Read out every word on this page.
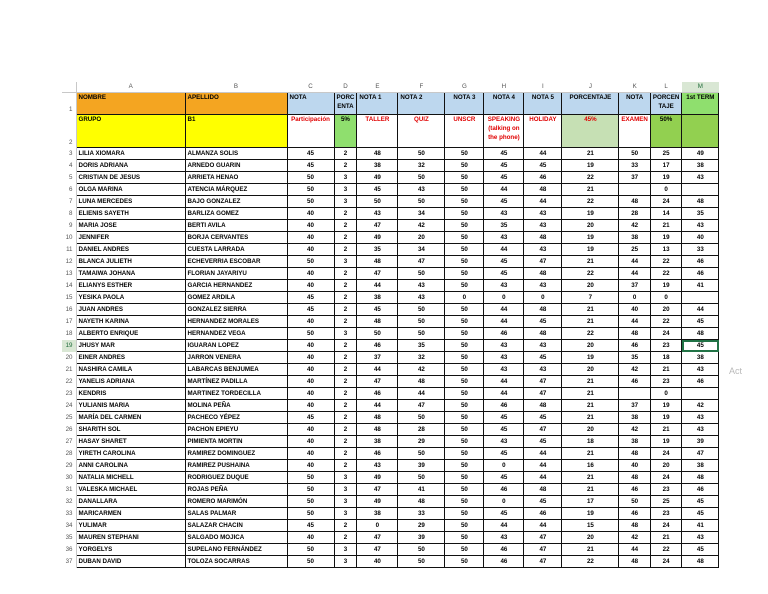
	A	B	C	D	E	F	G	H	I	J	K	L	M
1	NOMBRE	APELLIDO	NOTA	PORC ENTA	NOTA 1	NOTA 2	NOTA 3	NOTA 4	NOTA 5	PORCENTAJE	NOTA	PORCEN TAJE	1st TERM
2	GRUPO	B1	Participación	5%	TALLER	QUIZ	UNSCR	SPEAKING (talking on the phone)	HOLIDAY	45%	EXAMEN	50%	
3	LILIA XIOMARA	ALMANZA SOLIS	45	2	48	50	50	45	44	21	50	25	49
4	DORIS ADRIANA	ARNEDO GUARIN	45	2	38	32	50	45	45	19	33	17	38
5	CRISTIAN DE JESUS	ARRIETA HENAO	50	3	49	50	50	45	46	22	37	19	43
6	OLGA MARINA	ATENCIA MÁRQUEZ	50	3	45	43	50	44	48	21		0	
7	LUNA MERCEDES	BAJO GONZALEZ	50	3	50	50	50	45	44	22	48	24	48
8	ELIENIS SAYETH	BARLIZA GOMEZ	40	2	43	34	50	43	43	19	28	14	35
9	MARIA JOSE	BERTI AVILA	40	2	47	42	50	35	43	20	42	21	43
10	JENNIFER	BORJA CERVANTES	40	2	49	20	50	43	48	19	38	19	40
11	DANIEL ANDRES	CUESTA LARRADA	40	2	35	34	50	44	43	19	25	13	33
12	BLANCA JULIETH	ECHEVERRIA ESCOBAR	50	3	48	47	50	45	47	21	44	22	46
13	TAMAIWA JOHANA	FLORIAN JAYARIYU	40	2	47	50	50	45	48	22	44	22	46
14	ELIANYS ESTHER	GARCIA HERNANDEZ	40	2	44	43	50	43	43	20	37	19	41
15	YESIKA PAOLA	GOMEZ ARDILA	45	2	38	43	0	0	0	7	0	0	
16	JUAN ANDRES	GONZALEZ SIERRA	45	2	45	50	50	44	48	21	40	20	44
17	NAYETH KARINA	HERNANDEZ MORALES	40	2	48	50	50	44	45	21	44	22	45
18	ALBERTO ENRIQUE	HERNANDEZ VEGA	50	3	50	50	50	46	48	22	48	24	48
19	JHUSY MAR	IGUARAN LOPEZ	40	2	46	35	50	43	43	20	46	23	45
20	EINER ANDRES	JARRON VENERA	40	2	37	32	50	43	45	19	35	18	38
21	NASHIRA CAMILA	LABARCAS BENJUMEA	40	2	44	42	50	43	43	20	42	21	43
22	YANELIS ADRIANA	MARTÍNEZ PADILLA	40	2	47	48	50	44	47	21	46	23	46
23	KENDRIS	MARTINEZ TORDECILLA	40	2	46	44	50	44	47	21		0	
24	YULIANIS MARIA	MOLINA PEÑA	40	2	44	47	50	46	48	21	37	19	42
25	MARÍA DEL CARMEN	PACHECO YÉPEZ	45	2	48	50	50	45	45	21	38	19	43
26	SHARITH SOL	PACHON EPIEYU	40	2	48	28	50	45	47	20	42	21	43
27	HASAY SHARET	PIMIENTA MORTIN	40	2	38	29	50	43	45	18	38	19	39
28	YIRETH CAROLINA	RAMIREZ DOMINGUEZ	40	2	46	50	50	45	44	21	48	24	47
29	ANNI CAROLINA	RAMIREZ PUSHAINA	40	2	43	39	50	0	44	16	40	20	38
30	NATALIA MICHELL	RODRIGUEZ DUQUE	50	3	49	50	50	45	44	21	48	24	48
31	VALESKA MICHAEL	ROJAS PEÑA	50	3	47	41	50	46	48	21	46	23	46
32	DANALLARA	ROMERO MARIMÓN	50	3	49	48	50	0	45	17	50	25	45
33	MARICARMEN	SALAS PALMAR	50	3	38	33	50	45	46	19	46	23	45
34	YULIMAR	SALAZAR CHACIN	45	2	0	29	50	44	44	15	48	24	41
35	MAUREN STEPHANI	SALGADO MOJICA	40	2	47	39	50	43	47	20	42	21	43
36	YORGELYS	SUPELANO FERNÁNDEZ	50	3	47	50	50	46	47	21	44	22	45
37	DUBAN DAVID	TOLOZA SOCARRAS	50	3	40	50	50	46	47	22	48	24	48
Act
